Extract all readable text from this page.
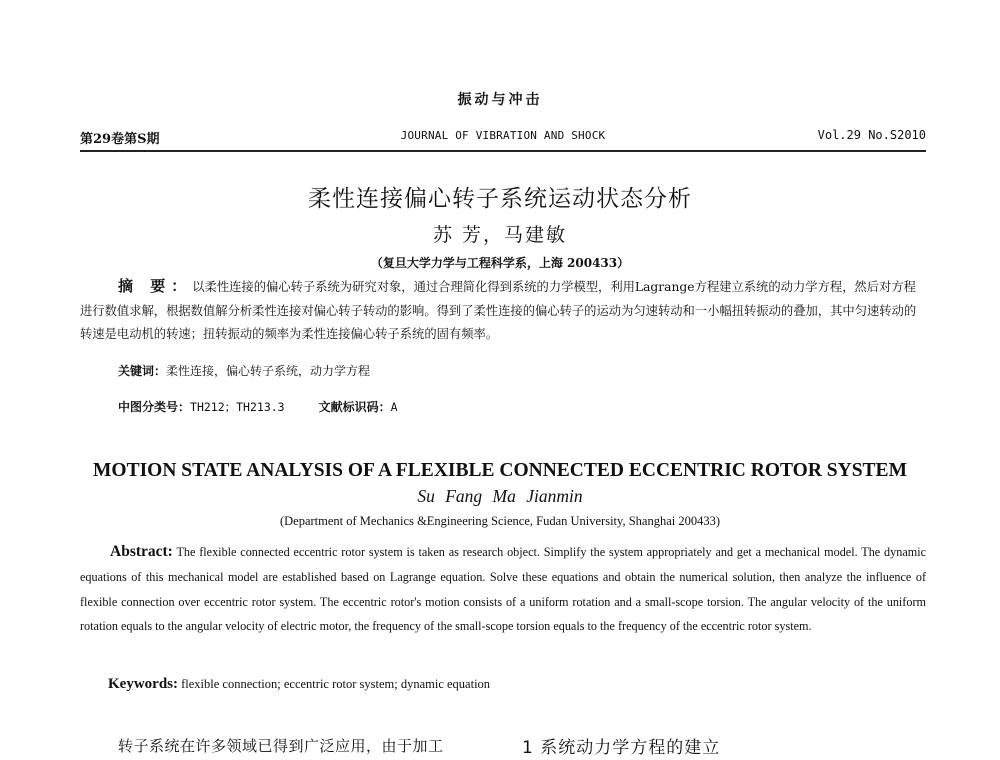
振动与冲击
第29卷第S期	JOURNAL OF VIBRATION AND SHOCK	Vol.29 No.S2010
柔性连接偏心转子系统运动状态分析
苏 芳，马建敏
（复旦大学力学与工程科学系，上海 200433）

摘 要：以柔性连接的偏心转子系统为研究对象，通过合理简化得到系统的力学模型，利用Lagrange方程建立系统的动力学方程，然后对方程进行数值求解，根据数值解分析柔性连接对偏心转子转动的影响。得到了柔性连接的偏心转子的运动为匀速转动和一小幅扭转振动的叠加，其中匀速转动的转速是电动机的转速；扭转振动的频率为柔性连接偏心转子系统的固有频率。

关键词：柔性连接，偏心转子系统，动力学方程
中图分类号：TH212；TH213.3	文献标识码：A
MOTION STATE ANALYSIS OF A FLEXIBLE CONNECTED ECCENTRIC ROTOR SYSTEM
Su Fang Ma Jianmin
(Department of Mechanics &Engineering Science, Fudan University, Shanghai 200433)

Abstract: The flexible connected eccentric rotor system is taken as research object. Simplify the system appropriately and get a mechanical model. The dynamic equations of this mechanical model are established based on Lagrange equation. Solve these equations and obtain the numerical solution, then analyze the influence of flexible connection over eccentric rotor system. The eccentric rotor's motion consists of a uniform rotation and a small-scope torsion. The angular velocity of the uniform rotation equals to the angular velocity of electric motor, the frequency of the small-scope torsion equals to the frequency of the eccentric rotor system.

Keywords: flexible connection; eccentric rotor system; dynamic equation
转子系统在许多领域已得到广泛应用，由于加工	1 系统动力学方程的建立
